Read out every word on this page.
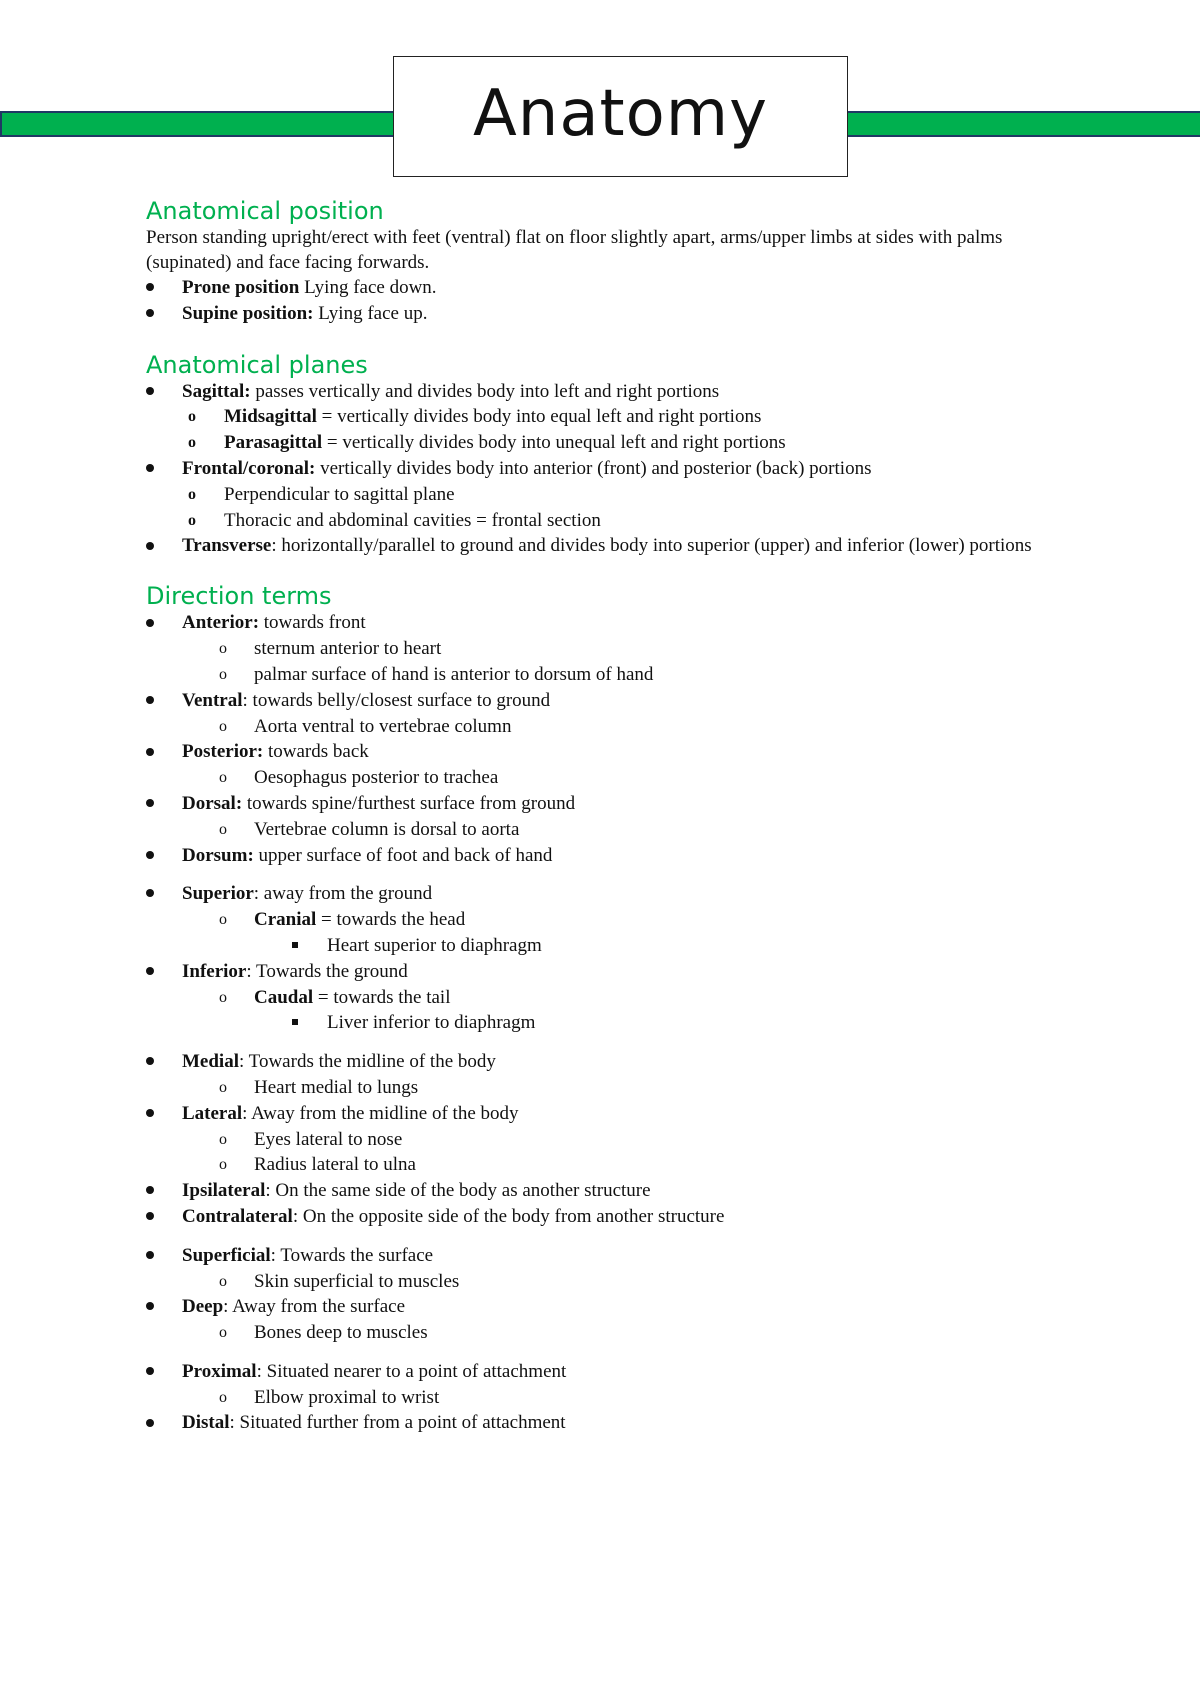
Anatomy
Anatomical position

Person standing upright/erect with feet (ventral) flat on floor slightly apart, arms/upper limbs at sides with palms (supinated) and face facing forwards.

Prone position Lying face down.
Supine position: Lying face up.
Anatomical planes
Sagittal: passes vertically and divides body into left and right portions
o Midsagittal = vertically divides body into equal left and right portions
o Parasagittal = vertically divides body into unequal left and right portions
Frontal/coronal: vertically divides body into anterior (front) and posterior (back) portions
o Perpendicular to sagittal plane
o Thoracic and abdominal cavities = frontal section
Transverse: horizontally/parallel to ground and divides body into superior (upper) and inferior (lower) portions
Direction terms
Anterior: towards front
o sternum anterior to heart
o palmar surface of hand is anterior to dorsum of hand
Ventral: towards belly/closest surface to ground
o Aorta ventral to vertebrae column
Posterior: towards back
o Oesophagus posterior to trachea
Dorsal: towards spine/furthest surface from ground
o Vertebrae column is dorsal to aorta
Dorsum: upper surface of foot and back of hand
Superior: away from the ground
o Cranial = towards the head
Heart superior to diaphragm
Inferior: Towards the ground
o Caudal = towards the tail
Liver inferior to diaphragm
Medial: Towards the midline of the body
o Heart medial to lungs
Lateral: Away from the midline of the body
o Eyes lateral to nose
o Radius lateral to ulna
Ipsilateral: On the same side of the body as another structure
Contralateral: On the opposite side of the body from another structure
Superficial: Towards the surface
o Skin superficial to muscles
Deep: Away from the surface
o Bones deep to muscles
Proximal: Situated nearer to a point of attachment
o Elbow proximal to wrist
Distal: Situated further from a point of attachment
